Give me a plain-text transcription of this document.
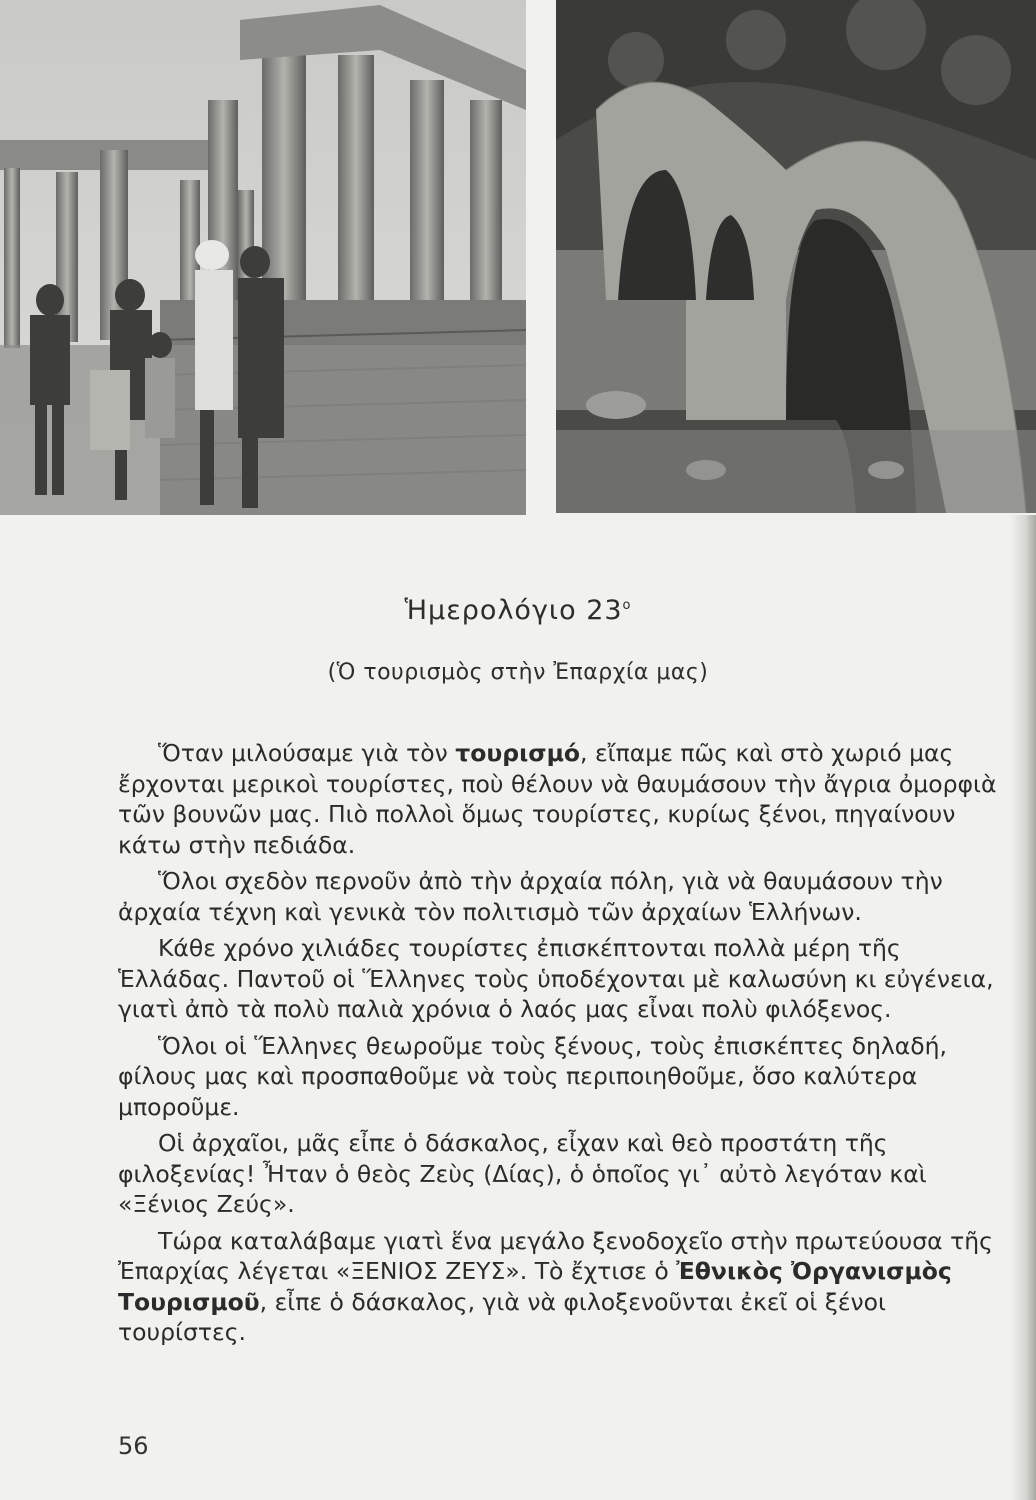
Ἡμερολόγιο $23^o$
(Ὁ τουρισμὸς στὴν Ἐπαρχία μας)

Ὅταν μιλούσαμε γιὰ τὸν τουρισμό, εἴπαμε πῶς καὶ στὸ χωριό μας ἔρχονται μερικοὶ τουρίστες, ποὺ θέλουν νὰ θαυμάσουν τὴν ἄγρια ὀμορφιὰ τῶν βουνῶν μας. Πιὸ πολλοὶ ὅμως τουρίστες, κυρίως ξένοι, πηγαίνουν κάτω στὴν πεδιάδα.

Ὅλοι σχεδὸν περνοῦν ἀπὸ τὴν ἀρχαία πόλη, γιὰ νὰ θαυμάσουν τὴν ἀρχαία τέχνη καὶ γενικὰ τὸν πολιτισμὸ τῶν ἀρχαίων Ἑλλήνων.

Κάθε χρόνο χιλιάδες τουρίστες ἐπισκέπτονται πολλὰ μέρη τῆς Ἑλλάδας. Παντοῦ οἱ Ἕλληνες τοὺς ὑποδέχονται μὲ καλωσύνη κι εὐγένεια, γιατὶ ἀπὸ τὰ πολὺ παλιὰ χρόνια ὁ λαός μας εἶναι πολὺ φιλόξενος.

Ὅλοι οἱ Ἕλληνες θεωροῦμε τοὺς ξένους, τοὺς ἐπισκέπτες δηλαδή, φίλους μας καὶ προσπαθοῦμε νὰ τοὺς περιποιηθοῦμε, ὅσο καλύτερα μποροῦμε.

Οἱ ἀρχαῖοι, μᾶς εἶπε ὁ δάσκαλος, εἶχαν καὶ θεὸ προστάτη τῆς φιλοξενίας! Ἦταν ὁ θεὸς Ζεὺς (Δίας), ὁ ὁποῖος γι᾿ αὐτὸ λεγόταν καὶ «Ξένιος Ζεύς».

Τώρα καταλάβαμε γιατὶ ἕνα μεγάλο ξενοδοχεῖο στὴν πρωτεύουσα τῆς Ἐπαρχίας λέγεται «ΞΕΝΙΟΣ ΖΕΥΣ». Τὸ ἔχτισε ὁ Ἐθνικὸς Ὀργανισμὸς Τουρισμοῦ, εἶπε ὁ δάσκαλος, γιὰ νὰ φιλοξενοῦνται ἐκεῖ οἱ ξένοι τουρίστες.

56
